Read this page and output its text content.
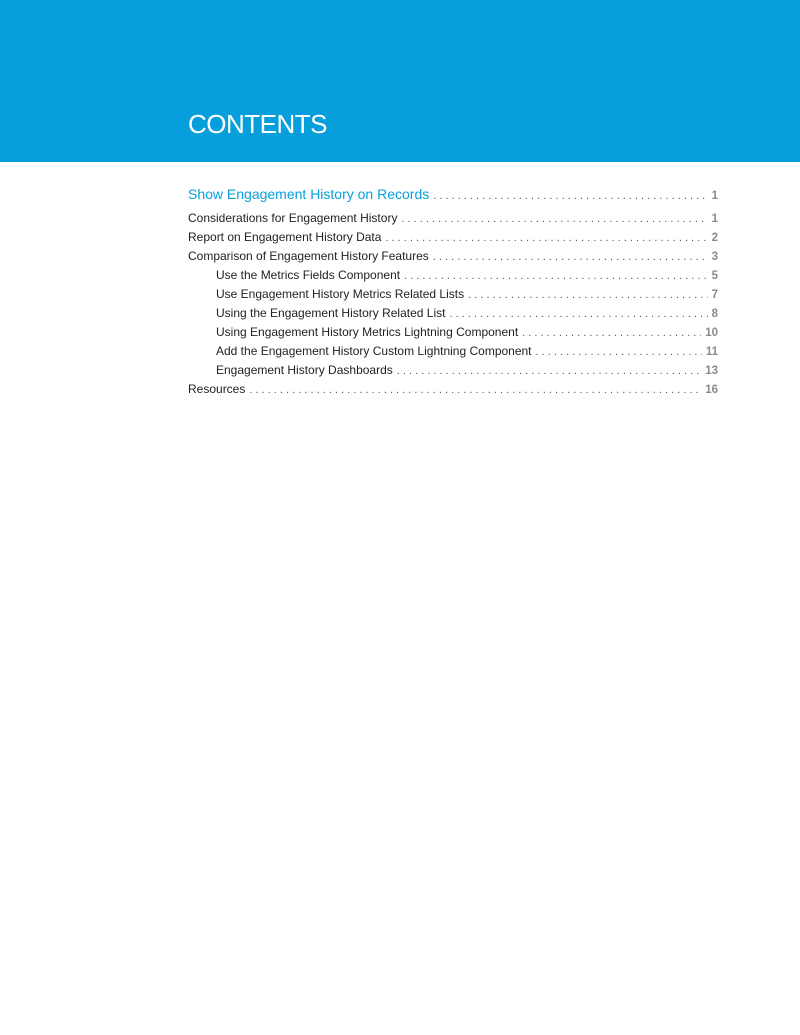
CONTENTS
Show Engagement History on Records . . .	1
Considerations for Engagement History . . .	1
Report on Engagement History Data . . .	2
Comparison of Engagement History Features . . .	3
Use the Metrics Fields Component . . .	5
Use Engagement History Metrics Related Lists . . .	7
Using the Engagement History Related List . . .	8
Using Engagement History Metrics Lightning Component . . .	10
Add the Engagement History Custom Lightning Component . . .	11
Engagement History Dashboards . . .	13
Resources . . .	16
